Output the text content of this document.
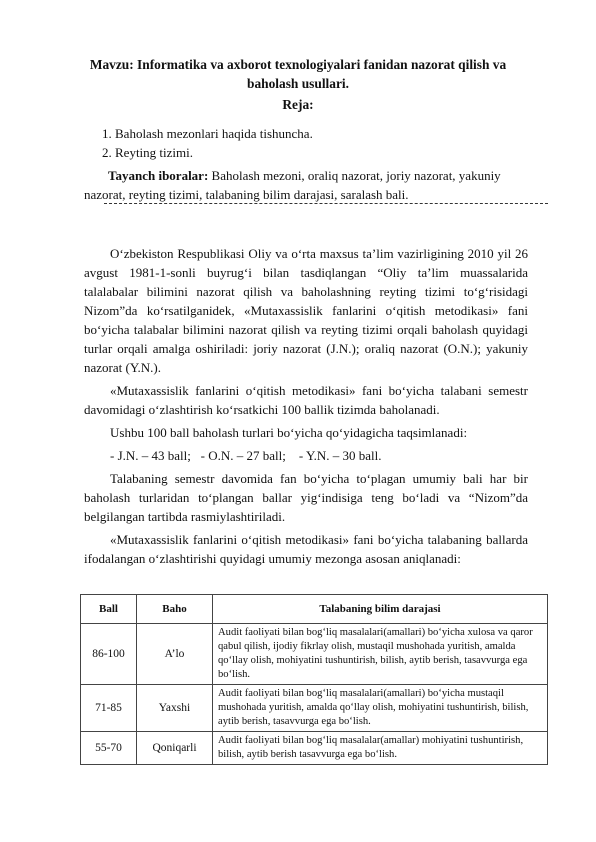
Mavzu: Informatika va axborot texnologiyalari fanidan nazorat qilish va baholash usullari.
Reja:
1. Baholash mezonlari haqida tishuncha.
2. Reyting tizimi.
Tayanch iboralar: Baholash mezoni, oraliq nazorat, joriy nazorat, yakuniy nazorat, reyting tizimi, talabaning bilim darajasi, saralash bali.

O‘zbekiston Respublikasi Oliy va o‘rta maxsus ta’lim vazirligining 2010 yil 26 avgust 1981-1-sonli buyrug‘i bilan tasdiqlangan “Oliy ta’lim muassalarida talalabalar bilimini nazorat qilish va baholashning reyting tizimi to‘g‘risidagi Nizom”da ko‘rsatilganidek, «Mutaxassislik fanlarini o‘qitish metodikasi» fani bo‘yicha talabalar bilimini nazorat qilish va reyting tizimi orqali baholash quyidagi turlar orqali amalga oshiriladi: joriy nazorat (J.N.); oraliq nazorat (O.N.); yakuniy nazorat (Y.N.).

«Mutaxassislik fanlarini o‘qitish metodikasi» fani bo‘yicha talabani semestr davomidagi o‘zlashtirish ko‘rsatkichi 100 ballik tizimda baholanadi.

Ushbu 100 ball baholash turlari bo‘yicha qo‘yidagicha taqsimlanadi:

- J.N. – 43 ball;   - O.N. – 27 ball;    - Y.N. – 30 ball.

Talabaning semestr davomida fan bo‘yicha to‘plagan umumiy bali har bir baholash turlaridan to‘plangan ballar yig‘indisiga teng bo‘ladi va “Nizom”da belgilangan tartibda rasmiylashtiriladi.

«Mutaxassislik fanlarini o‘qitish metodikasi» fani bo‘yicha talabaning ballarda ifodalangan o‘zlashtirishi quyidagi umumiy mezonga asosan aniqlanadi:

Ball	Baho	Talabaning bilim darajasi
86-100	A’lo	Audit faoliyati bilan bog‘liq masalalari(amallari) bo‘yicha xulosa va qaror qabul qilish, ijodiy fikrlay olish, mustaqil mushohada yuritish, amalda qo‘llay olish, mohiyatini tushuntirish, bilish, aytib berish, tasavvurga ega bo‘lish.
71-85	Yaxshi	Audit faoliyati bilan bog‘liq masalalari(amallari) bo‘yicha mustaqil mushohada yuritish, amalda qo‘llay olish, mohiyatini tushuntirish, bilish, aytib berish, tasavvurga ega bo‘lish.
55-70	Qoniqarli	Audit faoliyati bilan bog‘liq masalalar(amallar) mohiyatini tushuntirish, bilish, aytib berish tasavvurga ega bo‘lish.
